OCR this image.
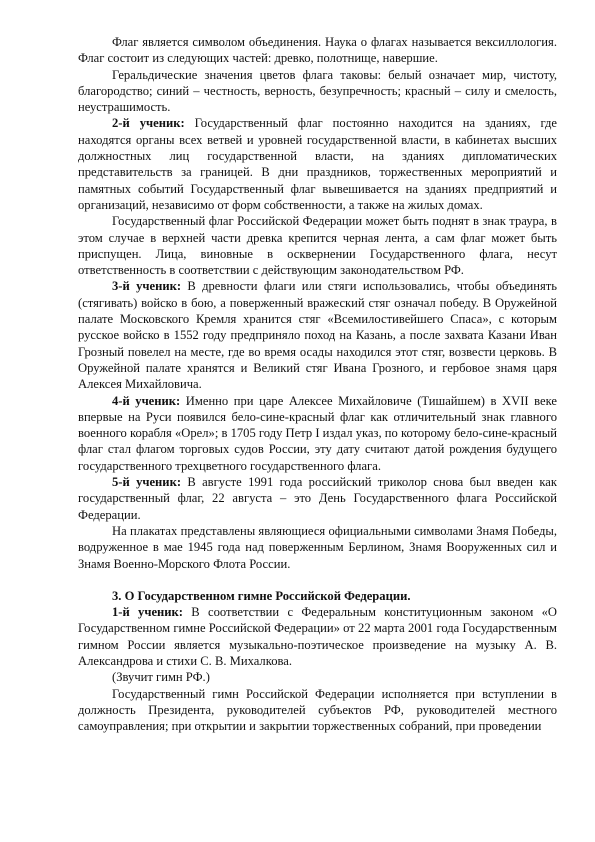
Флаг является символом объединения. Наука о флагах называется вексиллология. Флаг состоит из следующих частей: древко, полотнище, навершие.

Геральдические значения цветов флага таковы: белый означает мир, чистоту, благородство; синий – честность, верность, безупречность; красный – силу и смелость, неустрашимость.

2-й ученик: Государственный флаг постоянно находится на зданиях, где находятся органы всех ветвей и уровней государственной власти, в кабинетах высших должностных лиц государственной власти, на зданиях дипломатических представительств за границей. В дни праздников, торжественных мероприятий и памятных событий Государственный флаг вывешивается на зданиях предприятий и организаций, независимо от форм собственности, а также на жилых домах.

Государственный флаг Российской Федерации может быть поднят в знак траура, в этом случае в верхней части древка крепится черная лента, а сам флаг может быть приспущен. Лица, виновные в осквернении Государственного флага, несут ответственность в соответствии с действующим законодательством РФ.

3-й ученик: В древности флаги или стяги использовались, чтобы объединять (стягивать) войско в бою, а поверженный вражеский стяг означал победу. В Оружейной палате Московского Кремля хранится стяг «Всемилостивейшего Спаса», с которым русское войско в 1552 году предприняло поход на Казань, а после захвата Казани Иван Грозный повелел на месте, где во время осады находился этот стяг, возвести церковь. В Оружейной палате хранятся и Великий стяг Ивана Грозного, и гербовое знамя царя Алексея Михайловича.

4-й ученик: Именно при царе Алексее Михайловиче (Тишайшем) в XVII веке впервые на Руси появился бело-сине-красный флаг как отличительный знак главного военного корабля «Орел»; в 1705 году Петр I издал указ, по которому бело-сине-красный флаг стал флагом торговых судов России, эту дату считают датой рождения будущего государственного трехцветного государственного флага.

5-й ученик: В августе 1991 года российский триколор снова был введен как государственный флаг, 22 августа – это День Государственного флага Российской Федерации.

На плакатах представлены являющиеся официальными символами Знамя Победы, водруженное в мае 1945 года над поверженным Берлином, Знамя Вооруженных сил и Знамя Военно-Морского Флота России.

3. О Государственном гимне Российской Федерации.

1-й ученик: В соответствии с Федеральным конституционным законом «О Государственном гимне Российской Федерации» от 22 марта 2001 года Государственным гимном России является музыкально-поэтическое произведение на музыку А. В. Александрова и стихи С. В. Михалкова.

(Звучит гимн РФ.)

Государственный гимн Российской Федерации исполняется при вступлении в должность Президента, руководителей субъектов РФ, руководителей местного самоуправления; при открытии и закрытии торжественных собраний, при проведении
